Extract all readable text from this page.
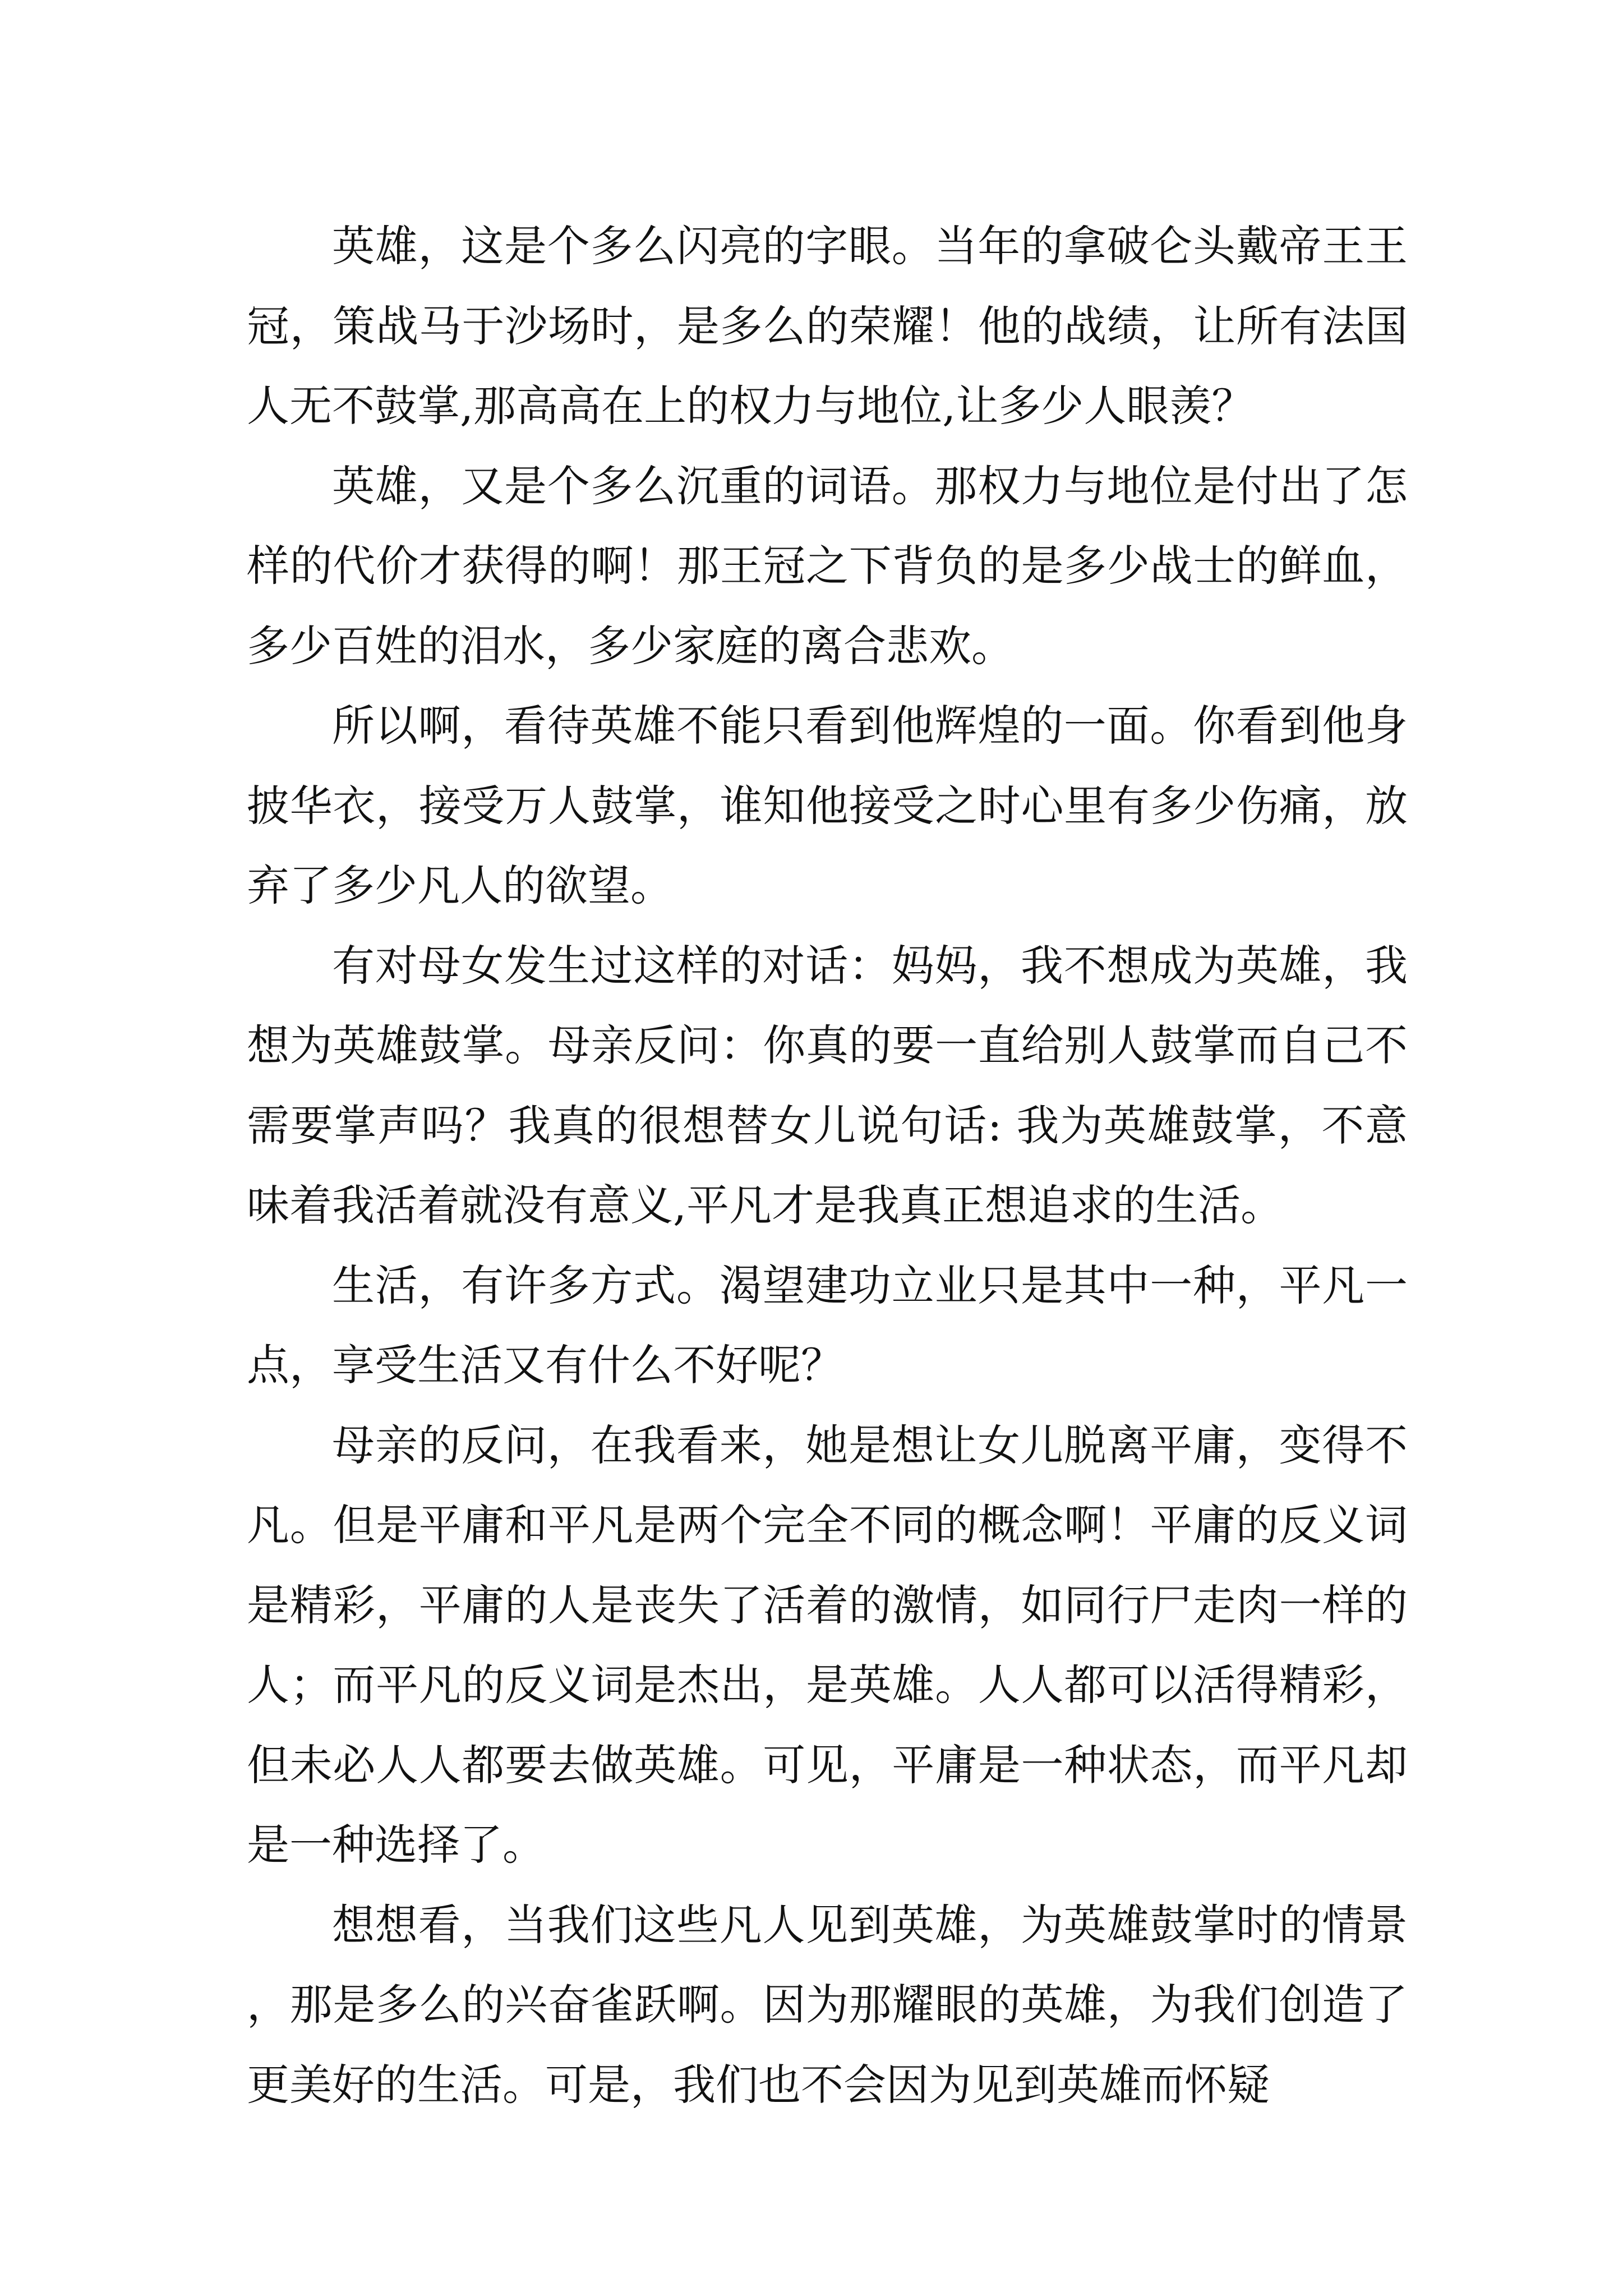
英雄，这是个多么闪亮的字眼。当年的拿破仑头戴帝王王冠，策战马于沙场时，是多么的荣耀！他的战绩，让所有法国人无不鼓掌,那高高在上的权力与地位,让多少人眼羡？

英雄，又是个多么沉重的词语。那权力与地位是付出了怎样的代价才获得的啊！那王冠之下背负的是多少战士的鲜血，多少百姓的泪水，多少家庭的离合悲欢。

所以啊，看待英雄不能只看到他辉煌的一面。你看到他身披华衣，接受万人鼓掌，谁知他接受之时心里有多少伤痛，放弃了多少凡人的欲望。

有对母女发生过这样的对话：妈妈，我不想成为英雄，我想为英雄鼓掌。母亲反问：你真的要一直给别人鼓掌而自己不需要掌声吗？我真的很想替女儿说句话: 我为英雄鼓掌，不意味着我活着就没有意义,平凡才是我真正想追求的生活。

生活，有许多方式。渴望建功立业只是其中一种，平凡一点，享受生活又有什么不好呢？

母亲的反问，在我看来，她是想让女儿脱离平庸，变得不凡。但是平庸和平凡是两个完全不同的概念啊！平庸的反义词是精彩，平庸的人是丧失了活着的激情，如同行尸走肉一样的人；而平凡的反义词是杰出，是英雄。人人都可以活得精彩，但未必人人都要去做英雄。可见，平庸是一种状态，而平凡却是一种选择了。

想想看，当我们这些凡人见到英雄，为英雄鼓掌时的情景，那是多么的兴奋雀跃啊。因为那耀眼的英雄，为我们创造了更美好的生活。可是，我们也不会因为见到英雄而怀疑
